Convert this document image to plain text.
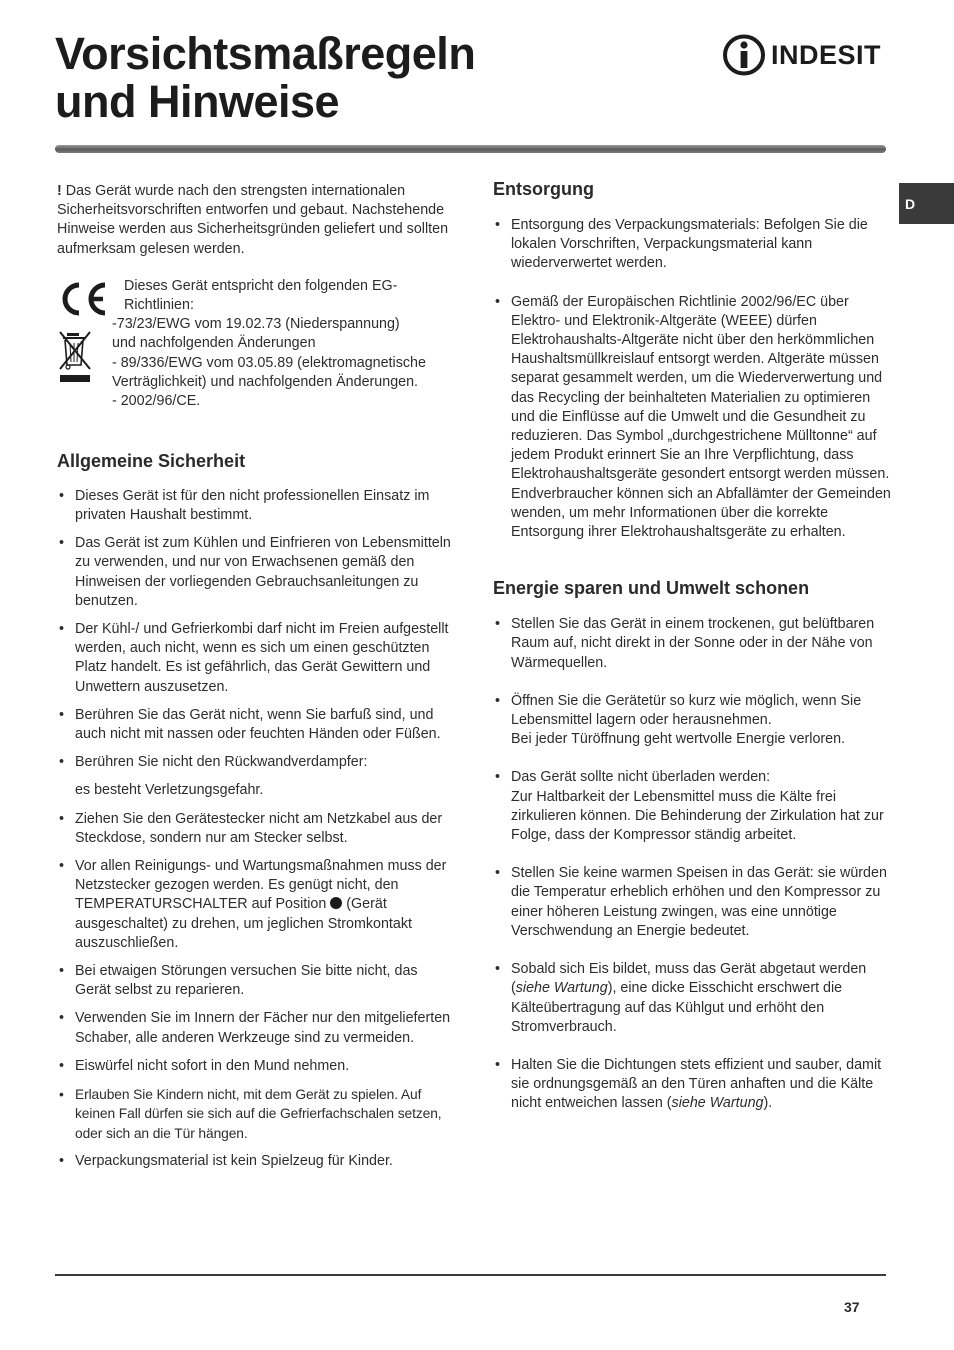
Vorsichtsmaßregeln
und Hinweise
INDESIT
D

! Das Gerät wurde nach den strengsten internationalen Sicherheitsvorschriften entworfen und gebaut. Nachstehende Hinweise werden aus Sicherheitsgründen geliefert und sollten aufmerksam gelesen werden.

Dieses Gerät entspricht den folgenden EG-
Richtlinien:
-73/23/EWG vom 19.02.73 (Niederspannung)
und nachfolgenden Änderungen
- 89/336/EWG vom 03.05.89 (elektromagnetische
Verträglichkeit) und nachfolgenden Änderungen.
- 2002/96/CE.
Allgemeine Sicherheit
• Dieses Gerät ist für den nicht professionellen Einsatz im privaten Haushalt bestimmt.
• Das Gerät ist zum Kühlen und Einfrieren von Lebensmitteln zu verwenden, und nur von Erwachsenen gemäß den Hinweisen der vorliegenden Gebrauchsanleitungen zu benutzen.
• Der Kühl-/ und Gefrierkombi darf nicht im Freien aufgestellt werden, auch nicht, wenn es sich um einen geschützten Platz handelt. Es ist gefährlich, das Gerät Gewittern und Unwettern auszusetzen.
• Berühren Sie das Gerät nicht, wenn Sie barfuß sind, und auch nicht mit nassen oder feuchten Händen oder Füßen.
• Berühren Sie nicht den Rückwandverdampfer:

es besteht Verletzungsgefahr.

• Ziehen Sie den Gerätestecker nicht am Netzkabel aus der Steckdose, sondern nur am Stecker selbst.
• Vor allen Reinigungs- und Wartungsmaßnahmen muss der Netzstecker gezogen werden. Es genügt nicht, den TEMPERATURSCHALTER auf Position  (Gerät ausgeschaltet) zu drehen, um jeglichen Stromkontakt auszuschließen.
• Bei etwaigen Störungen versuchen Sie bitte nicht, das Gerät selbst zu reparieren.
• Verwenden Sie im Innern der Fächer nur den mitgelieferten Schaber, alle anderen Werkzeuge sind zu vermeiden.
• Eiswürfel nicht sofort in den Mund nehmen.
• Erlauben Sie Kindern nicht, mit dem Gerät zu spielen. Auf keinen Fall dürfen sie sich auf die Gefrierfachschalen setzen, oder sich an die Tür hängen.
• Verpackungsmaterial ist kein Spielzeug für Kinder.
Entsorgung
• Entsorgung des Verpackungsmaterials: Befolgen Sie die lokalen Vorschriften, Verpackungsmaterial kann wiederverwertet werden.
• Gemäß der Europäischen Richtlinie 2002/96/EC über Elektro- und Elektronik-Altgeräte (WEEE) dürfen Elektrohaushalts-Altgeräte nicht über den herkömmlichen Haushaltsmüllkreislauf entsorgt werden. Altgeräte müssen separat gesammelt werden, um die Wiederverwertung und das Recycling der beinhalteten Materialien zu optimieren und die Einflüsse auf die Umwelt und die Gesundheit zu reduzieren. Das Symbol „durchgestrichene Mülltonne“ auf jedem Produkt erinnert Sie an Ihre Verpflichtung, dass Elektrohaushaltsgeräte gesondert entsorgt werden müssen.
Endverbraucher können sich an Abfallämter der Gemeinden wenden, um mehr Informationen über die korrekte Entsorgung ihrer Elektrohaushaltsgeräte zu erhalten.
Energie sparen und Umwelt schonen
• Stellen Sie das Gerät in einem trockenen, gut belüftbaren Raum auf, nicht direkt in der Sonne oder in der Nähe von Wärmequellen.
• Öffnen Sie die Gerätetür so kurz wie möglich, wenn Sie Lebensmittel lagern oder herausnehmen.
Bei jeder Türöffnung geht wertvolle Energie verloren.
• Das Gerät sollte nicht überladen werden:
Zur Haltbarkeit der Lebensmittel muss die Kälte frei zirkulieren können. Die Behinderung der Zirkulation hat zur Folge, dass der Kompressor ständig arbeitet.
• Stellen Sie keine warmen Speisen in das Gerät: sie würden die Temperatur erheblich erhöhen und den Kompressor zu einer höheren Leistung zwingen, was eine unnötige Verschwendung an Energie bedeutet.
• Sobald sich Eis bildet, muss das Gerät abgetaut werden (siehe Wartung), eine dicke Eisschicht erschwert die Kälteübertragung auf das Kühlgut und erhöht den Stromverbrauch.
• Halten Sie die Dichtungen stets effizient und sauber, damit sie ordnungsgemäß an den Türen anhaften und die Kälte nicht entweichen lassen (siehe Wartung).
37
